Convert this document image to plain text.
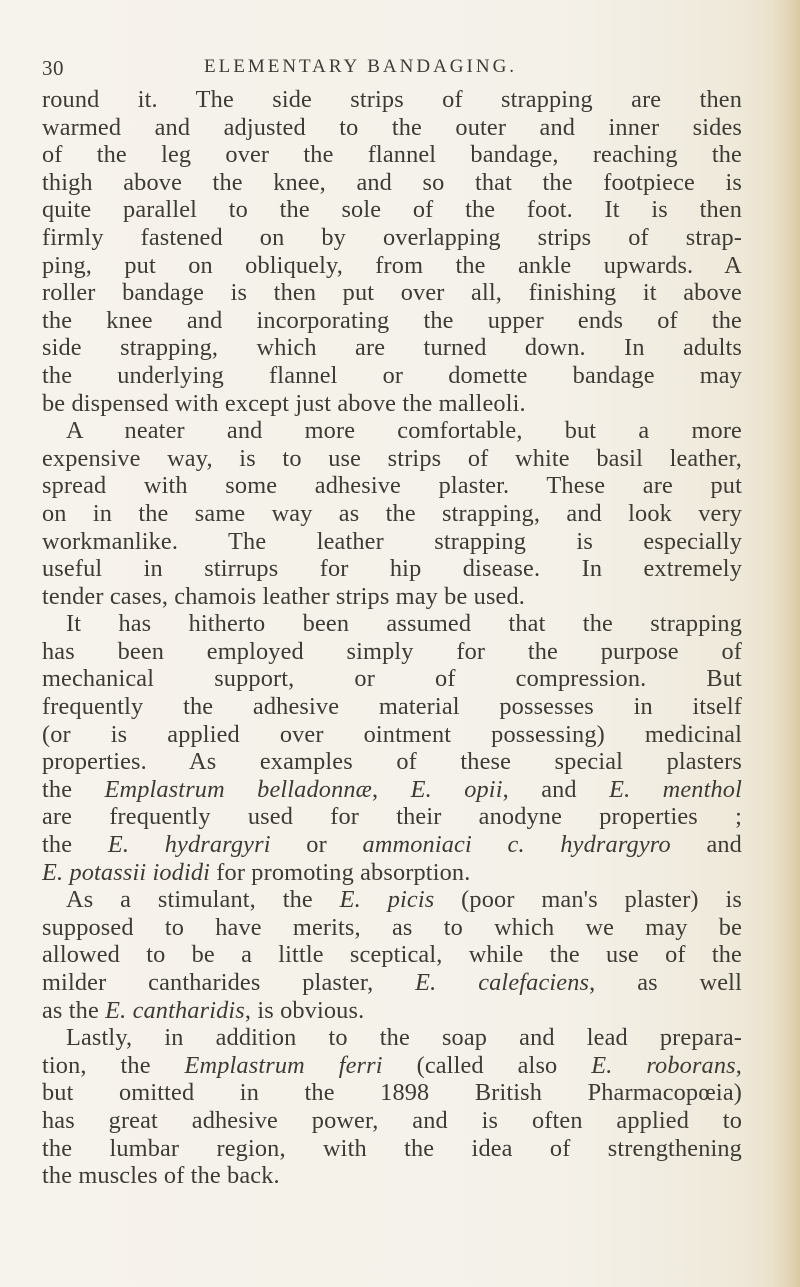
30	ELEMENTARY BANDAGING.
round it. The side strips of strapping are then
warmed and adjusted to the outer and inner sides
of the leg over the flannel bandage, reaching the
thigh above the knee, and so that the footpiece is
quite parallel to the sole of the foot. It is then
firmly fastened on by overlapping strips of strap-
ping, put on obliquely, from the ankle upwards. A
roller bandage is then put over all, finishing it above
the knee and incorporating the upper ends of the
side strapping, which are turned down. In adults
the underlying flannel or domette bandage may
be dispensed with except just above the malleoli.
A neater and more comfortable, but a more
expensive way, is to use strips of white basil leather,
spread with some adhesive plaster. These are put
on in the same way as the strapping, and look very
workmanlike. The leather strapping is especially
useful in stirrups for hip disease. In extremely
tender cases, chamois leather strips may be used.
It has hitherto been assumed that the strapping
has been employed simply for the purpose of
mechanical support, or of compression. But
frequently the adhesive material possesses in itself
(or is applied over ointment possessing) medicinal
properties. As examples of these special plasters
the Emplastrum belladonnæ, E. opii, and E. menthol
are frequently used for their anodyne properties ;
the E. hydrargyri or ammoniaci c. hydrargyro and
E. potassii iodidi for promoting absorption.
As a stimulant, the E. picis (poor man's plaster) is
supposed to have merits, as to which we may be
allowed to be a little sceptical, while the use of the
milder cantharides plaster, E. calefaciens, as well
as the E. cantharidis, is obvious.
Lastly, in addition to the soap and lead prepara-
tion, the Emplastrum ferri (called also E. roborans,
but omitted in the 1898 British Pharmacopœia)
has great adhesive power, and is often applied to
the lumbar region, with the idea of strengthening
the muscles of the back.
